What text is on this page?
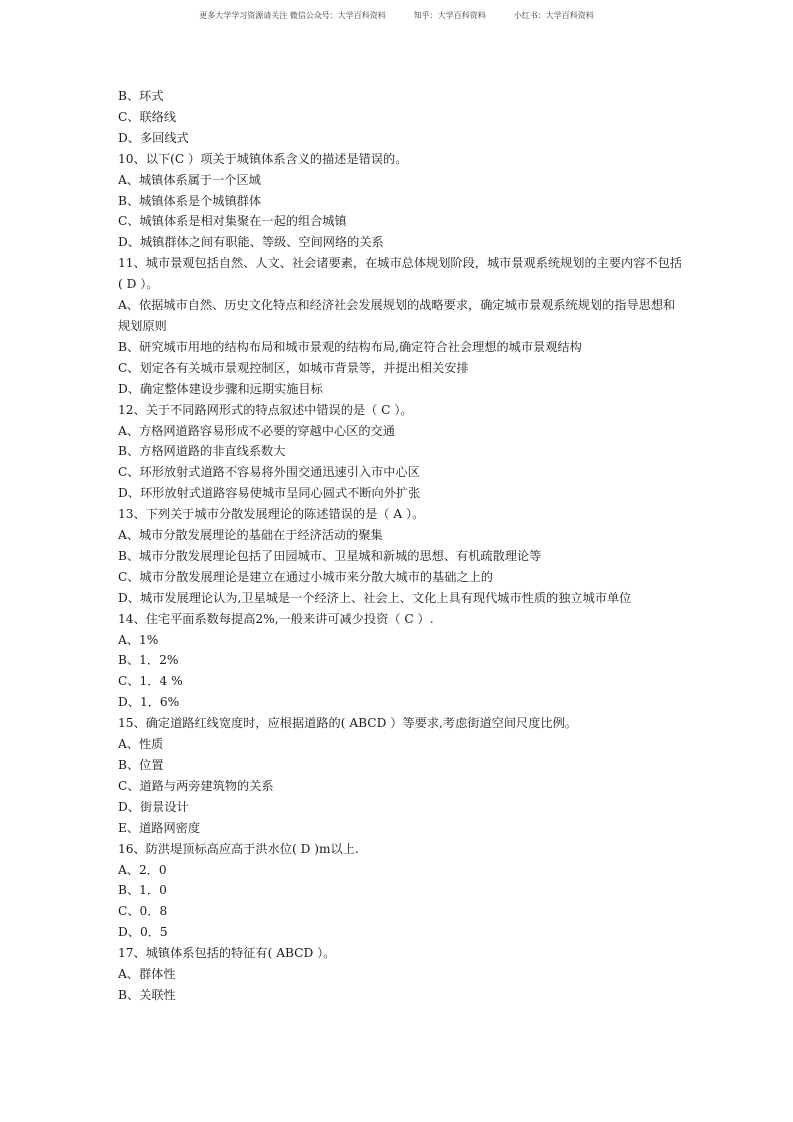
更多大学学习资源请关注 微信公众号：大学百科资料	知乎：大学百科资料	小红书：大学百科资料
B、环式
C、联络线
D、多回线式
10、以下(C ）项关于城镇体系含义的描述是错误的。
A、城镇体系属于一个区域
B、城镇体系是个城镇群体
C、城镇体系是相对集聚在一起的组合城镇
D、城镇群体之间有职能、等级、空间网络的关系
11、城市景观包括自然、人文、社会诸要素，在城市总体规划阶段，城市景观系统规划的主要内容不包括( D ）。
A、依据城市自然、历史文化特点和经济社会发展规划的战略要求，确定城市景观系统规划的指导思想和规划原则
B、研究城市用地的结构布局和城市景观的结构布局,确定符合社会理想的城市景观结构
C、划定各有关城市景观控制区，如城市背景等，并提出相关安排
D、确定整体建设步骤和远期实施目标
12、关于不同路网形式的特点叙述中错误的是（ C ）。
A、方格网道路容易形成不必要的穿越中心区的交通
B、方格网道路的非直线系数大
C、环形放射式道路不容易将外围交通迅速引入市中心区
D、环形放射式道路容易使城市呈同心圆式不断向外扩张
13、下列关于城市分散发展理论的陈述错误的是（ A ）。
A、城市分散发展理论的基础在于经济活动的聚集
B、城市分散发展理论包括了田园城市、卫星城和新城的思想、有机疏散理论等
C、城市分散发展理论是建立在通过小城市来分散大城市的基础之上的
D、城市发展理论认为,卫星城是一个经济上、社会上、文化上具有现代城市性质的独立城市单位
14、住宅平面系数每提高2%,一般来讲可减少投资（ C ）.
A、1%
B、1．2%
C、1．4 %
D、1．6%
15、确定道路红线宽度时，应根据道路的( ABCD ）等要求,考虑街道空间尺度比例。
A、性质
B、位置
C、道路与两旁建筑物的关系
D、街景设计
E、道路网密度
16、防洪堤顶标高应高于洪水位( D )m以上.
A、2．0
B、1．0
C、0．8
D、0．5
17、城镇体系包括的特征有( ABCD ）。
A、群体性
B、关联性
